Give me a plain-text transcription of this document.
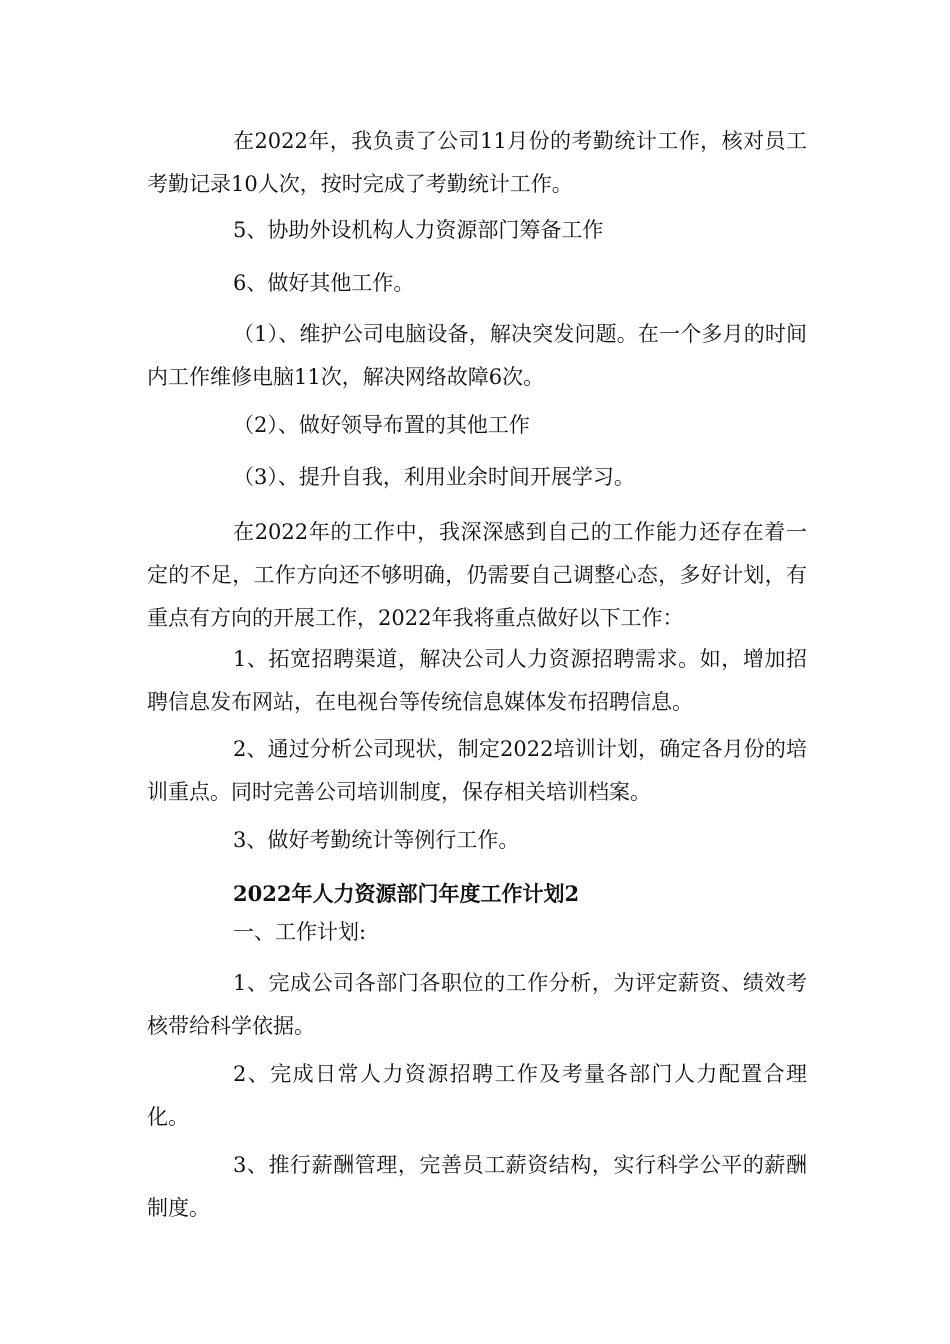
在2022年，我负责了公司11月份的考勤统计工作，核对员工考勤记录10人次，按时完成了考勤统计工作。

5、协助外设机构人力资源部门筹备工作

6、做好其他工作。

（1）、维护公司电脑设备，解决突发问题。在一个多月的时间内工作维修电脑11次，解决网络故障6次。

（2）、做好领导布置的其他工作

（3）、提升自我，利用业余时间开展学习。

在2022年的工作中，我深深感到自己的工作能力还存在着一定的不足，工作方向还不够明确，仍需要自己调整心态，多好计划，有重点有方向的开展工作，2022年我将重点做好以下工作：

1、拓宽招聘渠道，解决公司人力资源招聘需求。如，增加招聘信息发布网站，在电视台等传统信息媒体发布招聘信息。

2、通过分析公司现状，制定2022培训计划，确定各月份的培训重点。同时完善公司培训制度，保存相关培训档案。

3、做好考勤统计等例行工作。

2022年人力资源部门年度工作计划2

一、工作计划:

1、完成公司各部门各职位的工作分析，为评定薪资、绩效考核带给科学依据。

2、完成日常人力资源招聘工作及考量各部门人力配置合理化。

3、推行薪酬管理，完善员工薪资结构，实行科学公平的薪酬制度。
